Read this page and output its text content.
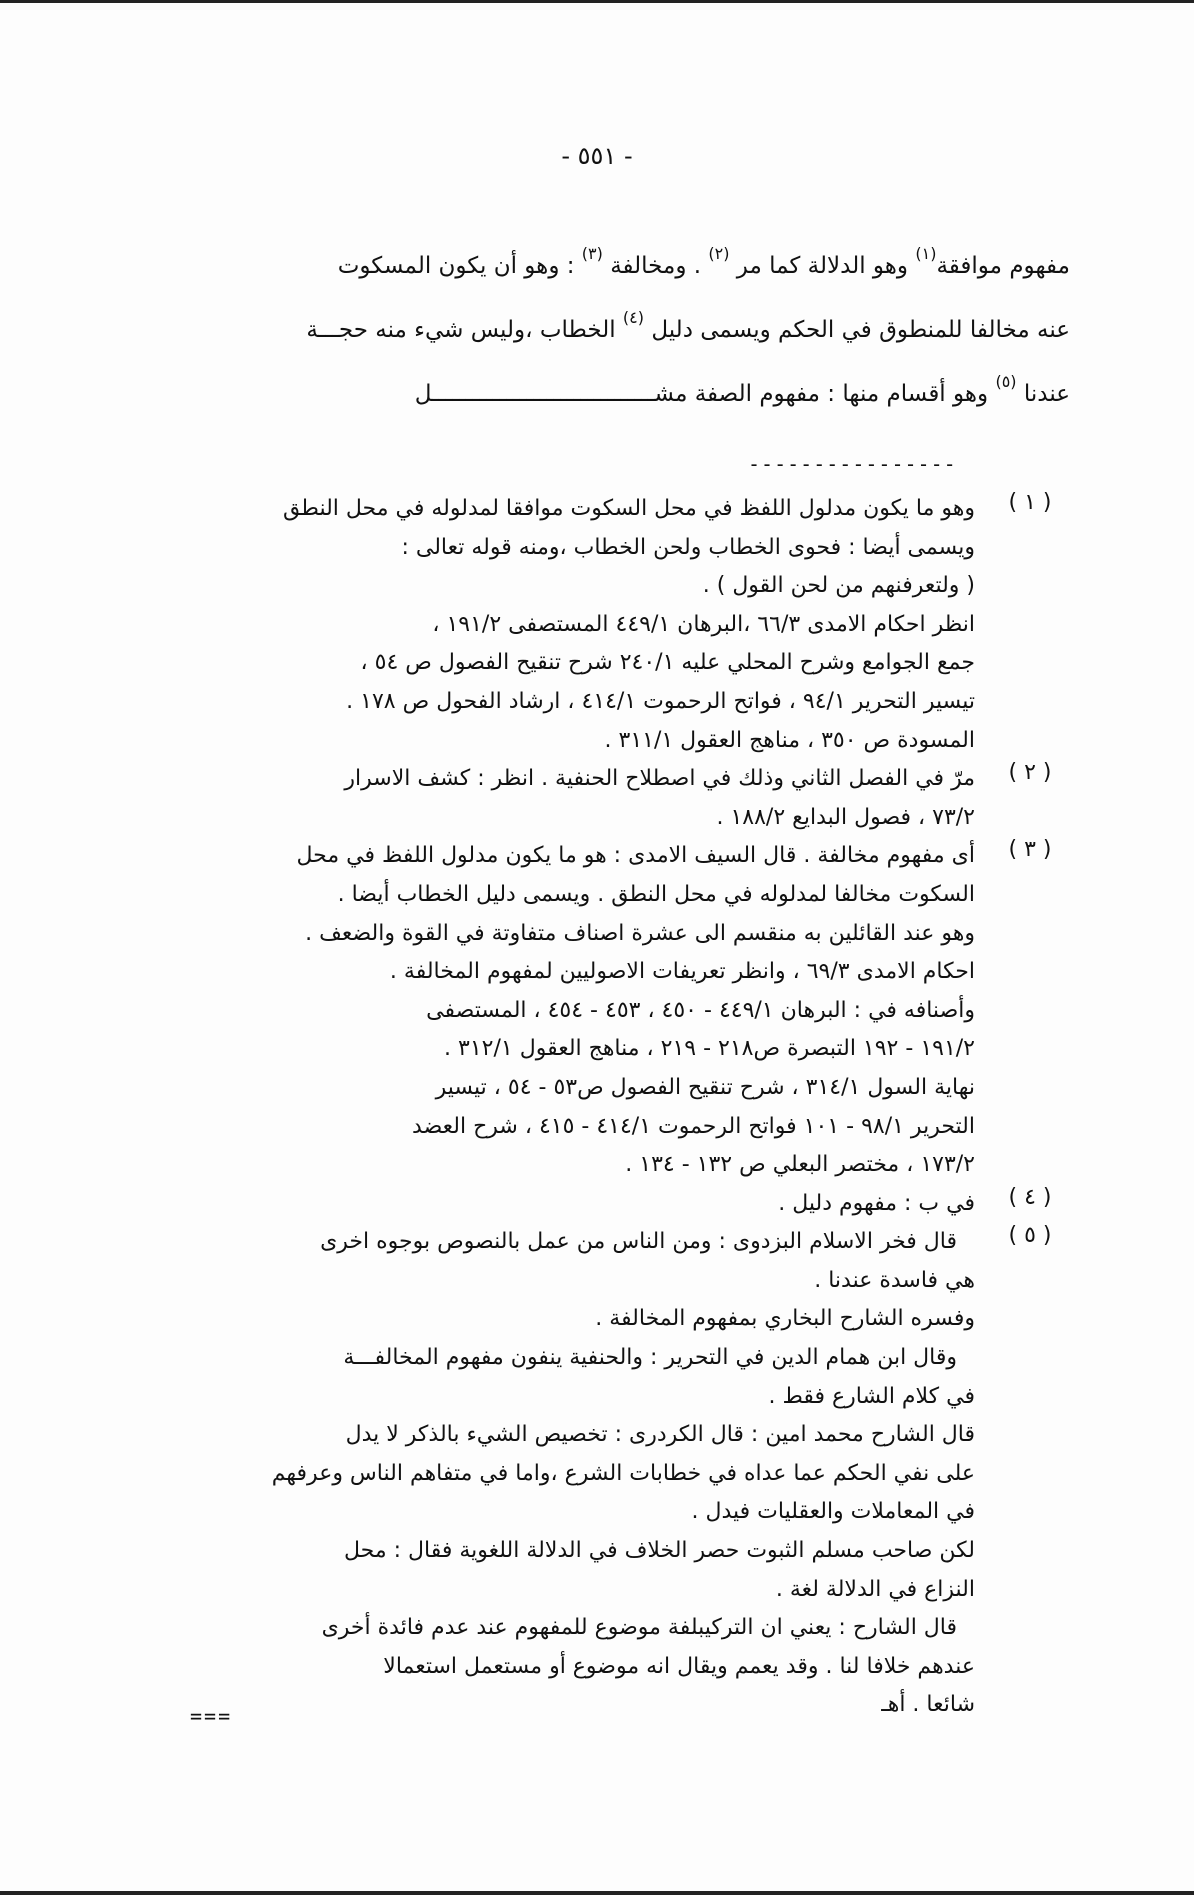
- ٥٥١ -

مفهوم موافقة$^{(١)}$ وهو الدلالة كما مر $^{(٢)}$ . ومخالفة $^{(٣)}$ : وهو أن يكون المسكوت

عنه مخالفا للمنطوق في الحكم ويسمى دليل $^{(٤)}$ الخطاب ،وليس شيء منه حجـــة

عندنا $^{(٥)}$ وهو أقسام منها : مفهوم الصفة مشـــــــــــــــــــــــــــــــــل

----------------
( ١ )

وهو ما يكون مدلول اللفظ في محل السكوت موافقا لمدلوله في محل النطق

ويسمى أيضا : فحوى الخطاب ولحن الخطاب ،ومنه قوله تعالى :

( ولتعرفنهم من لحن القول ) .

انظر احكام الامدى ٦٦/٣ ،البرهان ٤٤٩/١ المستصفى ١٩١/٢ ،

جمع الجوامع وشرح المحلي عليه ٢٤٠/١ شرح تنقيح الفصول ص ٥٤ ،

تيسير التحرير ٩٤/١ ، فواتح الرحموت ٤١٤/١ ، ارشاد الفحول ص ١٧٨ .

المسودة ص ٣٥٠ ، مناهج العقول ٣١١/١ .

( ٢ )

مرّ في الفصل الثاني وذلك في اصطلاح الحنفية . انظر : كشف الاسرار

٧٣/٢ ، فصول البدايع ١٨٨/٢ .

( ٣ )

أى مفهوم مخالفة . قال السيف الامدى : هو ما يكون مدلول اللفظ في محل

السكوت مخالفا لمدلوله في محل النطق . ويسمى دليل الخطاب أيضا .

وهو عند القائلين به منقسم الى عشرة اصناف متفاوتة في القوة والضعف .

احكام الامدى ٦٩/٣ ، وانظر تعريفات الاصوليين لمفهوم المخالفة .

وأصنافه في : البرهان ٤٤٩/١ - ٤٥٠ ، ٤٥٣ - ٤٥٤ ، المستصفى

١٩١/٢ - ١٩٢ التبصرة ص٢١٨ - ٢١٩ ، مناهج العقول ٣١٢/١ .

نهاية السول ٣١٤/١ ، شرح تنقيح الفصول ص٥٣ - ٥٤ ، تيسير

التحرير ٩٨/١ - ١٠١ فواتح الرحموت ٤١٤/١ - ٤١٥ ، شرح العضد

١٧٣/٢ ، مختصر البعلي ص ١٣٢ - ١٣٤ .

( ٤ )

في ب : مفهوم دليل .

( ٥ )

قال فخر الاسلام البزدوى : ومن الناس من عمل بالنصوص بوجوه اخرى

هي فاسدة عندنا .

وفسره الشارح البخاري بمفهوم المخالفة .

وقال ابن همام الدين في التحرير : والحنفية ينفون مفهوم المخالفـــة

في كلام الشارع فقط .

قال الشارح محمد امين : قال الكردرى : تخصيص الشيء بالذكر لا يدل

على نفي الحكم عما عداه في خطابات الشرع ،واما في متفاهم الناس وعرفهم

في المعاملات والعقليات فيدل .

لكن صاحب مسلم الثبوت حصر الخلاف في الدلالة اللغوية فقال : محل

النزاع في الدلالة لغة .

قال الشارح : يعني ان التركيبلفة موضوع للمفهوم عند عدم فائدة أخرى

عندهم خلافا لنا . وقد يعمم ويقال انه موضوع أو مستعمل استعمالا

شائعا . أهـ

===
